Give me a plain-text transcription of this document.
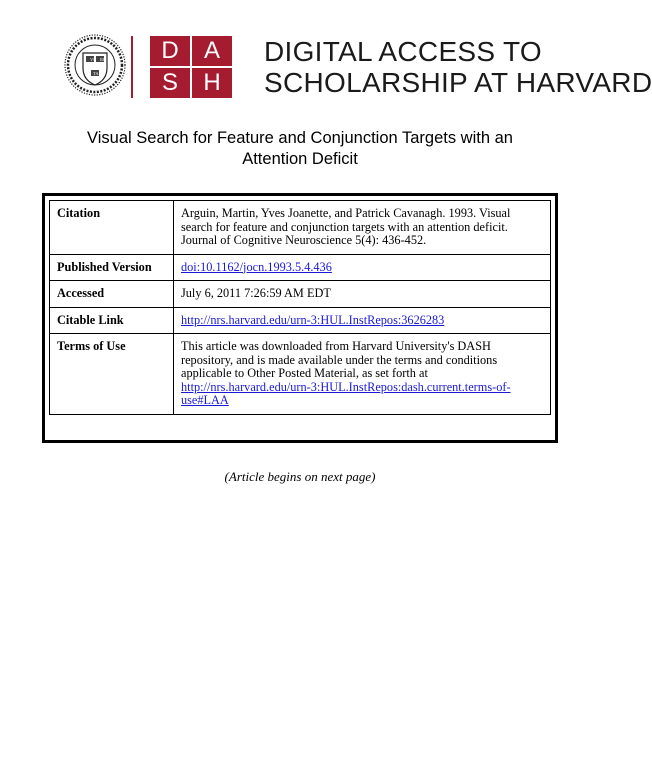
VE RI
TAS
D	A
S	H
DIGITAL ACCESS TO
SCHOLARSHIP AT HARVARD
Visual Search for Feature and Conjunction Targets with an
Attention Deficit
Citation	Arguin, Martin, Yves Joanette, and Patrick Cavanagh. 1993. Visual search for feature and conjunction targets with an attention deficit. Journal of Cognitive Neuroscience 5(4): 436-452.
Published Version	doi:10.1162/jocn.1993.5.4.436
Accessed	July 6, 2011 7:26:59 AM EDT
Citable Link	http://nrs.harvard.edu/urn-3:HUL.InstRepos:3626283
Terms of Use	This article was downloaded from Harvard University's DASH repository, and is made available under the terms and conditions applicable to Other Posted Material, as set forth at http://nrs.harvard.edu/urn-3:HUL.InstRepos:dash.current.terms-of-use#LAA
(Article begins on next page)
